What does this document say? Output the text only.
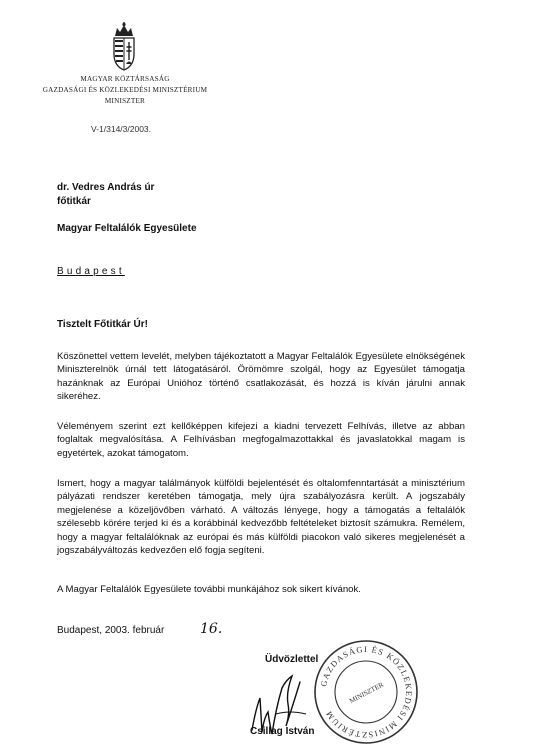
MAGYAR KÖZTÁRSASÁG
GAZDASÁGI ÉS KÖZLEKEDÉSI MINISZTÉRIUM
MINISZTER
V-1/314/3/2003.
dr. Vedres András úr
főtitkár
Magyar Feltalálók Egyesülete
Budapest
Tisztelt Főtitkár Úr!
Köszönettel vettem levelét, melyben tájékoztatott a Magyar Feltalálók Egyesülete elnökségének Miniszterelnök úrnál tett látogatásáról. Örömömre szolgál, hogy az Egyesület támogatja hazánknak az Európai Unióhoz történő csatlakozását, és hozzá is kíván járulni annak sikeréhez.
Véleményem szerint ezt kellőképpen kifejezi a kiadni tervezett Felhívás, illetve az abban foglaltak megvalósítása. A Felhívásban megfogalmazottakkal és javaslatokkal magam is egyetértek, azokat támogatom.
Ismert, hogy a magyar találmányok külföldi bejelentését és oltalomfenntartását a minisztérium pályázati rendszer keretében támogatja, mely újra szabályozásra került. A jogszabály megjelenése a közeljövőben várható. A változás lényege, hogy a támogatás a feltalálók szélesebb körére terjed ki és a korábbinál kedvezőbb feltételeket biztosít számukra. Remélem, hogy a magyar feltalálóknak az európai és más külföldi piacokon való sikeres megjelenését a jogszabályváltozás kedvezően elő fogja segíteni.
A Magyar Feltalálók Egyesülete további munkájához sok sikert kívánok.
Budapest, 2003. február	16.
Üdvözlettel
Csillag István
GAZDASÁGI ÉS KÖZLEKEDÉSI MINISZTÉRIUM
MINISZTER
